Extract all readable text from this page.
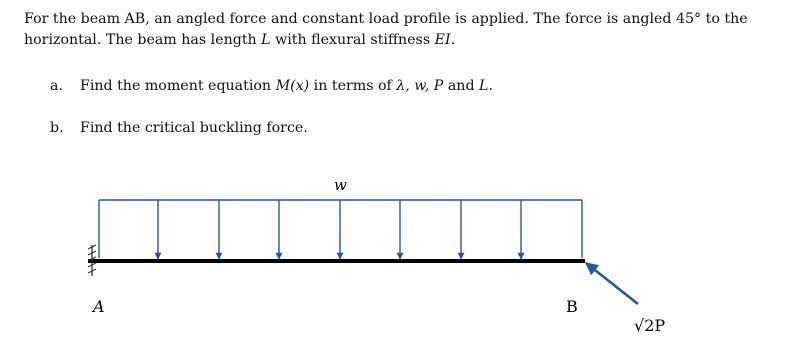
For the beam AB, an angled force and constant load profile is applied. The force is angled 45° to the horizontal. The beam has length L with flexural stiffness EI.

a. Find the moment equation M(x) in terms of λ, w, P and L.
b. Find the critical buckling force.
w
A	B
√2P
